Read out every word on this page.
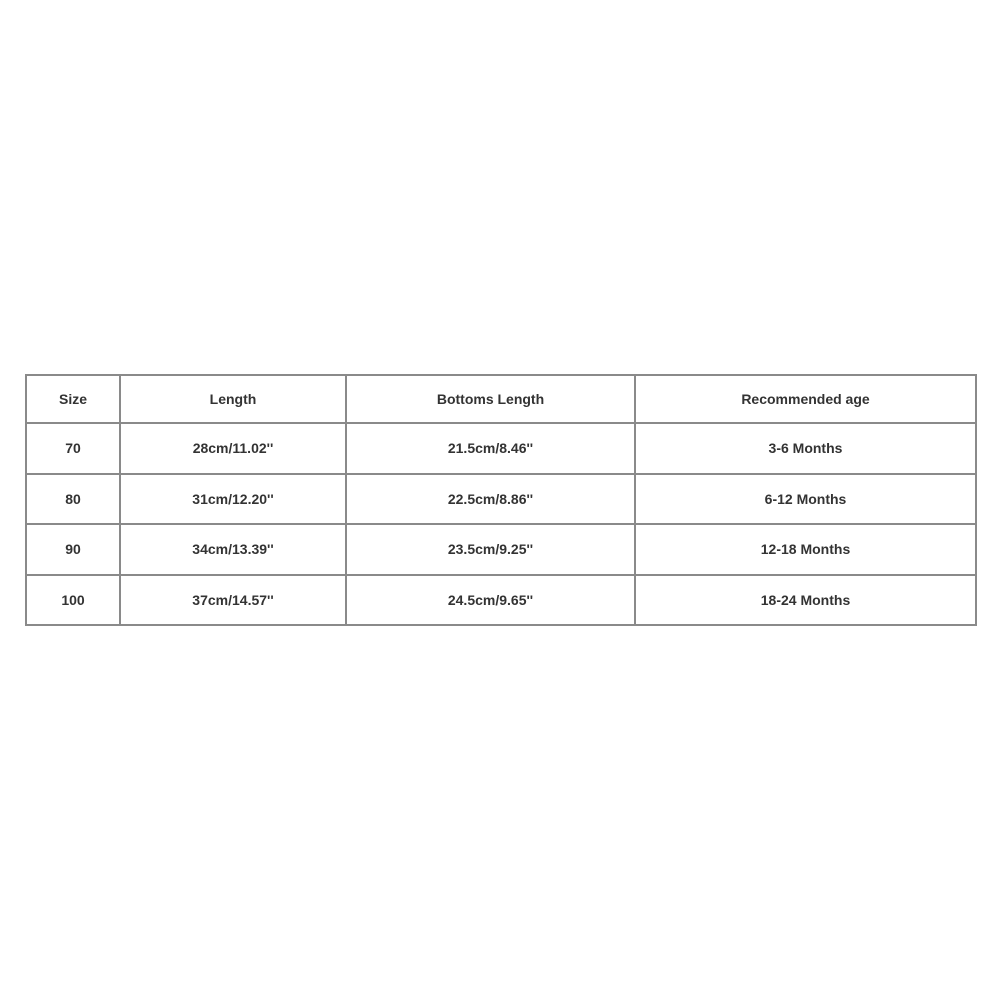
Size	Length	Bottoms Length	Recommended age
70	28cm/11.02''	21.5cm/8.46''	3-6 Months
80	31cm/12.20''	22.5cm/8.86''	6-12 Months
90	34cm/13.39''	23.5cm/9.25''	12-18 Months
100	37cm/14.57''	24.5cm/9.65''	18-24 Months
